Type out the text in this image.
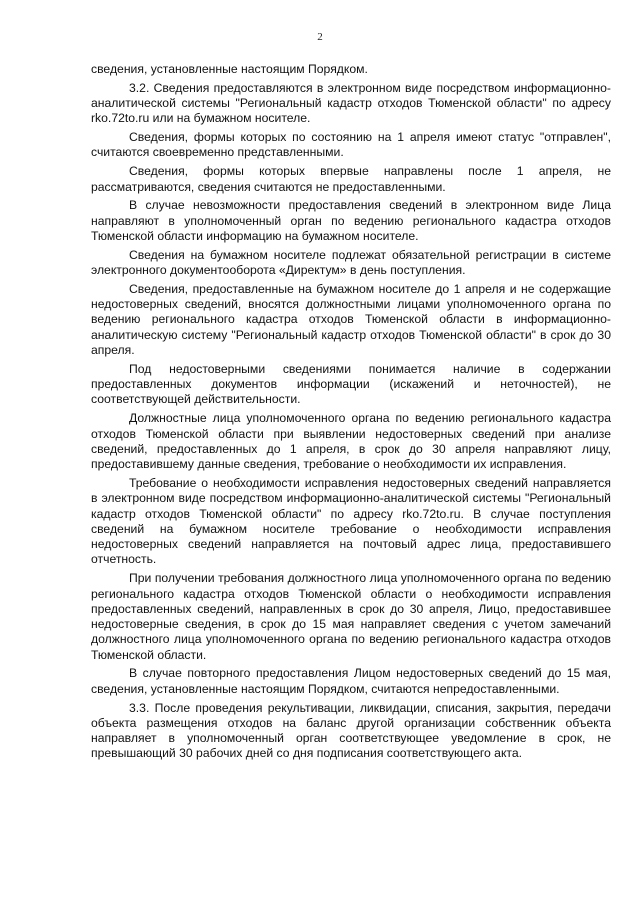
2

сведения, установленные настоящим Порядком.

3.2. Сведения предоставляются в электронном виде посредством информационно-аналитической системы "Региональный кадастр отходов Тюменской области" по адресу rko.72to.ru или на бумажном носителе.

Сведения, формы которых по состоянию на 1 апреля имеют статус "отправлен", считаются своевременно представленными.

Сведения, формы которых впервые направлены после 1 апреля, не рассматриваются, сведения считаются не предоставленными.

В случае невозможности предоставления сведений в электронном виде Лица направляют в уполномоченный орган по ведению регионального кадастра отходов Тюменской области информацию на бумажном носителе.

Сведения на бумажном носителе подлежат обязательной регистрации в системе электронного документооборота «Директум» в день поступления.

Сведения, предоставленные на бумажном носителе до 1 апреля и не содержащие недостоверных сведений, вносятся должностными лицами уполномоченного органа по ведению регионального кадастра отходов Тюменской области в информационно-аналитическую систему "Региональный кадастр отходов Тюменской области" в срок до 30 апреля.

Под недостоверными сведениями понимается наличие в содержании предоставленных документов информации (искажений и неточностей), не соответствующей действительности.

Должностные лица уполномоченного органа по ведению регионального кадастра отходов Тюменской области при выявлении недостоверных сведений при анализе сведений, предоставленных до 1 апреля, в срок до 30 апреля направляют лицу, предоставившему данные сведения, требование о необходимости их исправления.

Требование о необходимости исправления недостоверных сведений направляется в электронном виде посредством информационно-аналитической системы "Региональный кадастр отходов Тюменской области" по адресу rko.72to.ru. В случае поступления сведений на бумажном носителе требование о необходимости исправления недостоверных сведений направляется на почтовый адрес лица, предоставившего отчетность.

При получении требования должностного лица уполномоченного органа по ведению регионального кадастра отходов Тюменской области о необходимости исправления предоставленных сведений, направленных в срок до 30 апреля, Лицо, предоставившее недостоверные сведения, в срок до 15 мая направляет сведения с учетом замечаний должностного лица уполномоченного органа по ведению регионального кадастра отходов Тюменской области.

В случае повторного предоставления Лицом недостоверных сведений до 15 мая, сведения, установленные настоящим Порядком, считаются непредоставленными.

3.3. После проведения рекультивации, ликвидации, списания, закрытия, передачи объекта размещения отходов на баланс другой организации собственник объекта направляет в уполномоченный орган соответствующее уведомление в срок, не превышающий 30 рабочих дней со дня подписания соответствующего акта.
